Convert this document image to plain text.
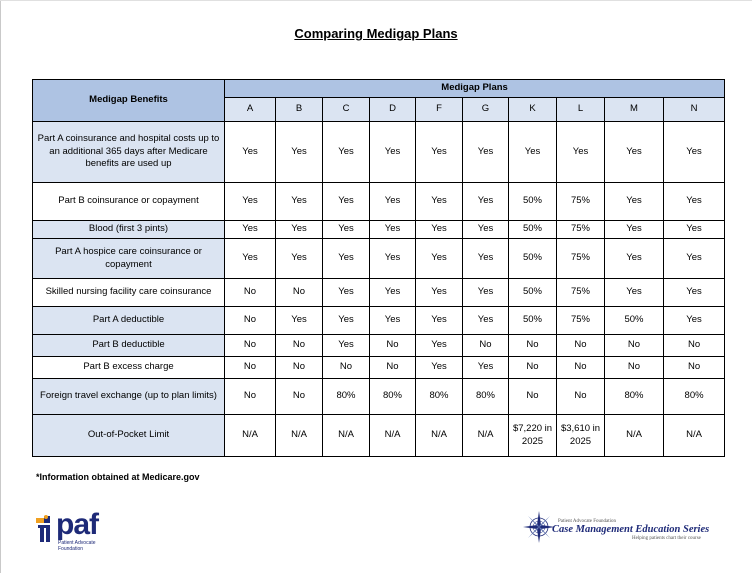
Comparing Medigap Plans
Medigap Benefits	Medigap Plans									
	A	B	C	D	F	G	K	L	M	N
Part A coinsurance and hospital costs up to an additional 365 days after Medicare benefits are used up	Yes	Yes	Yes	Yes	Yes	Yes	Yes	Yes	Yes	Yes
Part B coinsurance or copayment	Yes	Yes	Yes	Yes	Yes	Yes	50%	75%	Yes	Yes
Blood (first 3 pints)	Yes	Yes	Yes	Yes	Yes	Yes	50%	75%	Yes	Yes
Part A hospice care coinsurance or copayment	Yes	Yes	Yes	Yes	Yes	Yes	50%	75%	Yes	Yes
Skilled nursing facility care coinsurance	No	No	Yes	Yes	Yes	Yes	50%	75%	Yes	Yes
Part A deductible	No	Yes	Yes	Yes	Yes	Yes	50%	75%	50%	Yes
Part B deductible	No	No	Yes	No	Yes	No	No	No	No	No
Part B excess charge	No	No	No	No	Yes	Yes	No	No	No	No
Foreign travel exchange (up to plan limits)	No	No	80%	80%	80%	80%	No	No	80%	80%
Out-of-Pocket Limit	N/A	N/A	N/A	N/A	N/A	N/A	$7,220 in 2025	$3,610 in 2025	N/A	N/A
*Information obtained at Medicare.gov
paf
Patient Advocate Foundation
Patient Advocate Foundation
Case Management Education Series
Helping patients chart their course
